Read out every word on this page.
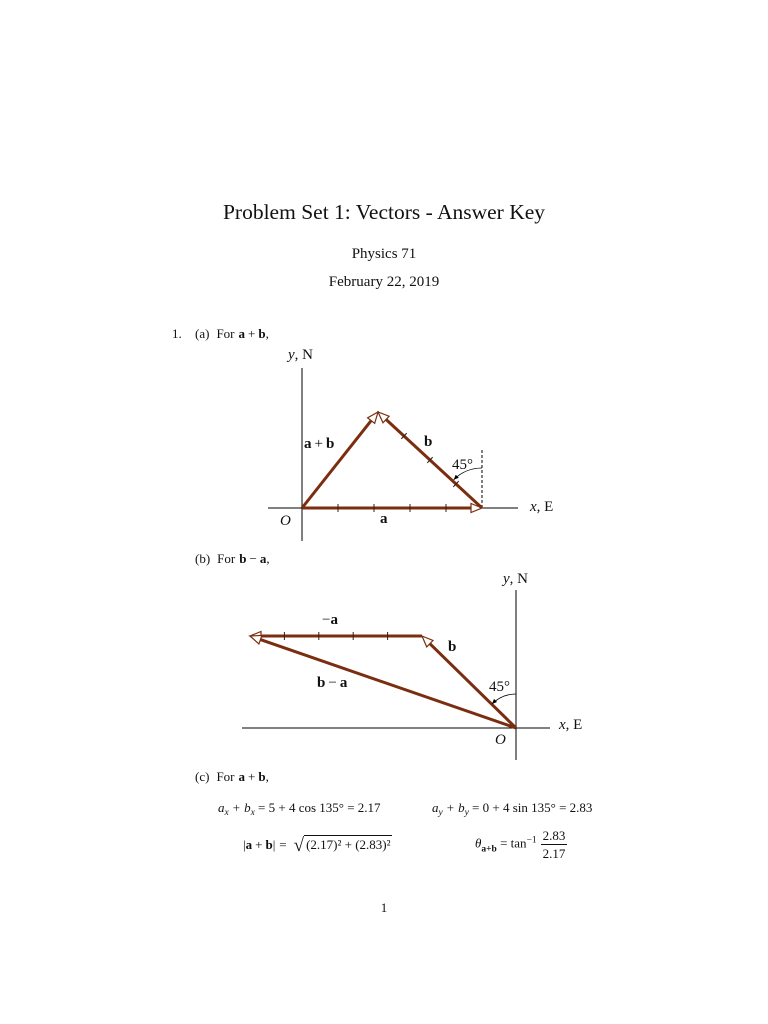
Problem Set 1: Vectors - Answer Key
Physics 71
February 22, 2019
1. (a) For a + b,
y, N
x, E
O	a
b
a + b
45°
(b) For b − a,
y, N
x, E
O
−a
b
b − a	45°
(c) For a + b,
$a_x + b_x = 5 + 4$ cos 135° = 2.17	$a_y + b_y = 0 + 4$ sin 135° = 2.83
|a + b| = √ (2.17)² + (2.83)²	$\theta_{a+b} = \tan^{-1} \frac{2.83}{2.17}$
1
